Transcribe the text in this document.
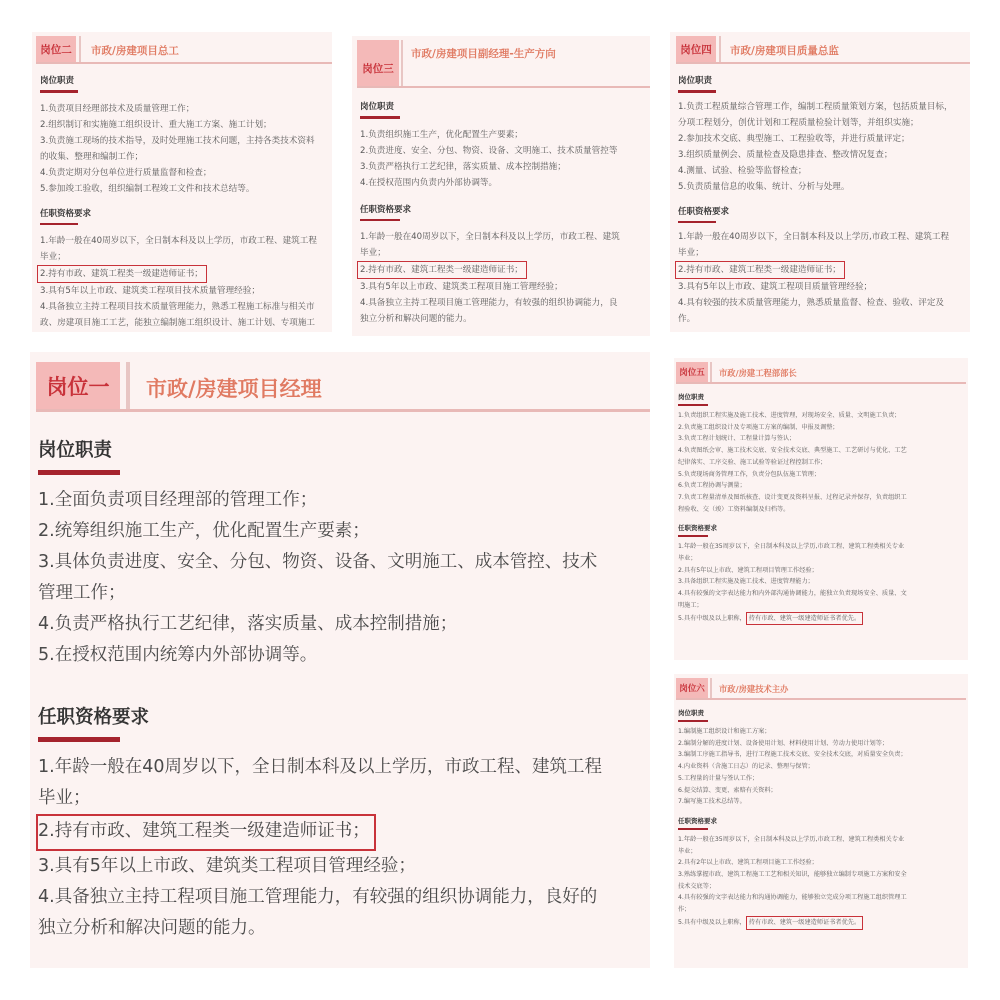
岗位二	市政/房建项目总工
岗位职责
1.负责项目经理部技术及质量管理工作；
2.组织制订和实施施工组织设计、重大施工方案、施工计划；
3.负责施工现场的技术指导，及时处理施工技术问题，主持各类技术资料
的收集、整理和编制工作；
4.负责定期对分包单位进行质量监督和检查；
5.参加竣工验收，组织编制工程竣工文件和技术总结等。
任职资格要求
1.年龄一般在40周岁以下，全日制本科及以上学历，市政工程、建筑工程
毕业；
2.持有市政、建筑工程类一级建造师证书；
3.具有5年以上市政、建筑类工程项目技术质量管理经验；
4.具备独立主持工程项目技术质量管理能力，熟悉工程施工标准与相关市
政、房建项目施工工艺，能独立编制施工组织设计、施工计划、专项施工
岗位三
市政/房建项目副经理-生产方向
岗位职责
1.负责组织施工生产，优化配置生产要素；
2.负责进度、安全、分包、物资、设备、文明施工、技术质量管控等
3.负责严格执行工艺纪律，落实质量、成本控制措施；
4.在授权范围内负责内外部协调等。
任职资格要求
1.年龄一般在40周岁以下，全日制本科及以上学历，市政工程、建筑
毕业；
2.持有市政、建筑工程类一级建造师证书；
3.具有5年以上市政、建筑类工程项目施工管理经验；
4.具备独立主持工程项目施工管理能力，有较强的组织协调能力，良
独立分析和解决问题的能力。
岗位四	市政/房建项目质量总监
岗位职责
1.负责工程质量综合管理工作，编制工程质量策划方案，包括质量目标，
分项工程划分，创优计划和工程质量检验计划等，并组织实施；
2.参加技术交底、典型施工、工程验收等，并进行质量评定；
3.组织质量例会、质量检查及隐患排查、整改情况复查；
4.测量、试验、检验等监督检查；
5.负责质量信息的收集、统计、分析与处理。
任职资格要求
1.年龄一般在40周岁以下，全日制本科及以上学历,市政工程、建筑工程
毕业；
2.持有市政、建筑工程类一级建造师证书；
3.具有5年以上市政、建筑工程项目质量管理经验；
4.具有较强的技术质量管理能力，熟悉质量监督、检查、验收、评定及
作。
岗位一	市政/房建项目经理
岗位职责
1.全面负责项目经理部的管理工作；
2.统筹组织施工生产，优化配置生产要素；
3.具体负责进度、安全、分包、物资、设备、文明施工、成本管控、技术
管理工作；
4.负责严格执行工艺纪律，落实质量、成本控制措施；
5.在授权范围内统筹内外部协调等。
任职资格要求
1.年龄一般在40周岁以下，全日制本科及以上学历，市政工程、建筑工程
毕业；
2.持有市政、建筑工程类一级建造师证书；
3.具有5年以上市政、建筑类工程项目管理经验；
4.具备独立主持工程项目施工管理能力，有较强的组织协调能力，良好的
独立分析和解决问题的能力。
岗位五	市政/房建工程部部长
岗位职责
1.负责组织工程实施及施工技术、进度管理，对现场安全、质量、文明施工负责；
2.负责施工组织设计及专项施工方案的编制、申报及调整；
3.负责工程计划统计、工程量计算与签认；
4.负责图纸会审、施工技术交底、安全技术交底、典型施工、工艺研讨与优化、工艺
纪律落实、工序交验、施工试验等验证过程控制工作；
5.负责现场商务管理工作，负责分包队伍施工管理；
6.负责工程协调与测量；
7.负责工程量清单及图纸核查、设计变更及资料呈报、过程记录并保存，负责组织工
程验收、交（竣）工资料编制及归档等。
任职资格要求
1.年龄一般在35周岁以下，全日制本科及以上学历,市政工程、建筑工程类相关专业
毕业；
2.具有5年以上市政、建筑工程项目管理工作经验；
3.具备组织工程实施及施工技术、进度管理能力；
4.具有较强的文字表达能力和内外部沟通协调能力，能独立负责现场安全、质量、文
明施工；
5.具有中级及以上职称， 持有市政、建筑一级建造师证书者优先。
岗位六	市政/房建技术主办
岗位职责
1.编制施工组织设计和施工方案；
2.编制分解的进度计划、设备使用计划、材料使用计划、劳动力使用计划等；
3.编制工序施工指导书，进行工程施工技术交底、安全技术交底，对质量安全负责；
4.内业资料（含施工日志）的记录、整理与保管；
5.工程量的计量与签认工作；
6.提交结算、变更、索赔有关资料；
7.编写施工技术总结等。
任职资格要求
1.年龄一般在35周岁以下，全日制本科及以上学历,市政工程、建筑工程类相关专业
毕业；
2.具有2年以上市政、建筑工程项目施工工作经验；
3.熟练掌握市政、建筑工程施工工艺和相关知识，能够独立编制专项施工方案和安全
技术交底等；
4.具有较强的文字表达能力和沟通协调能力，能够独立完成分项工程施工组织管理工
作；
5.具有中级及以上职称， 持有市政、建筑一级建造师证书者优先。
